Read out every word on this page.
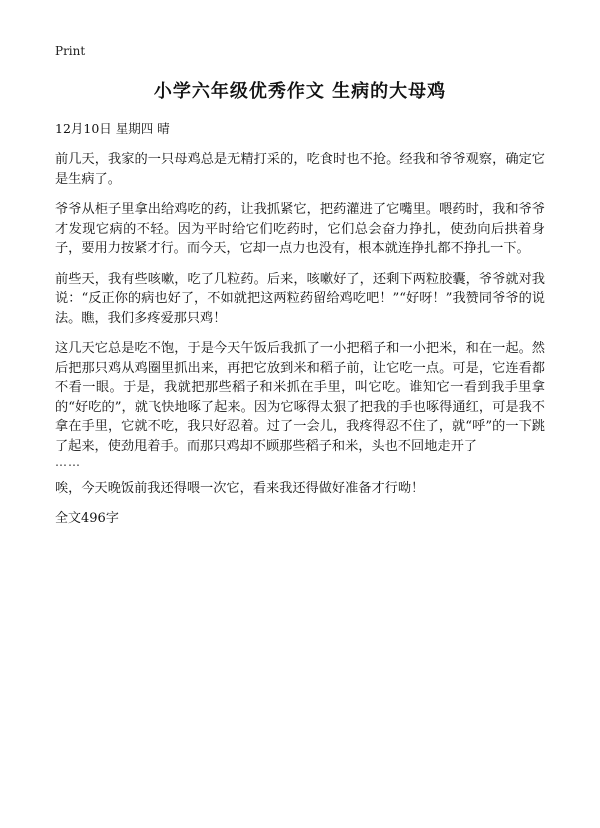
Print
小学六年级优秀作文 生病的大母鸡
12月10日 星期四 晴

前几天，我家的一只母鸡总是无精打采的，吃食时也不抢。经我和爷爷观察，确定它是生病了。

爷爷从柜子里拿出给鸡吃的药，让我抓紧它，把药灌进了它嘴里。喂药时，我和爷爷才发现它病的不轻。因为平时给它们吃药时，它们总会奋力挣扎，使劲向后拱着身子，要用力按紧才行。而今天，它却一点力也没有，根本就连挣扎都不挣扎一下。

前些天，我有些咳嗽，吃了几粒药。后来，咳嗽好了，还剩下两粒胶囊，爷爷就对我说：“反正你的病也好了，不如就把这两粒药留给鸡吃吧！”“好呀！”我赞同爷爷的说法。瞧，我们多疼爱那只鸡！

这几天它总是吃不饱，于是今天午饭后我抓了一小把稻子和一小把米，和在一起。然后把那只鸡从鸡圈里抓出来，再把它放到米和稻子前，让它吃一点。可是，它连看都不看一眼。于是，我就把那些稻子和米抓在手里，叫它吃。谁知它一看到我手里拿的“好吃的”，就飞快地啄了起来。因为它啄得太狠了把我的手也啄得通红，可是我不拿在手里，它就不吃，我只好忍着。过了一会儿，我疼得忍不住了，就“呼”的一下跳了起来，使劲甩着手。而那只鸡却不顾那些稻子和米，头也不回地走开了
……

唉，今天晚饭前我还得喂一次它，看来我还得做好准备才行呦！

全文496字
